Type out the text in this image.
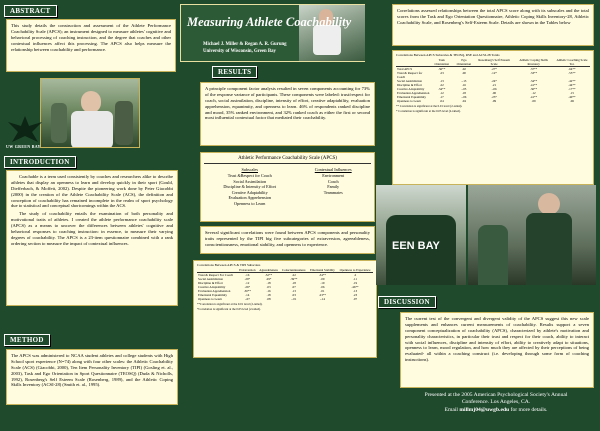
Measuring Athlete Coachability
Michael J. Miller & Regan A. R. Gurung
University of Wisconsin, Green Bay
ABSTRACT

This study details the construction and assessment of the Athlete Performance Coachability Scale (APCS); an instrument designed to measure athletes' cognitive and behavioral processing of coaching instruction, and the degree that coaches and other contextual influences affect this processing. The APCS also helps measure the relationship between coachability and performance.

UW GREEN BAY
INTRODUCTION

Coachable is a term used consistently by coaches and researchers alike to describe athletes that display an openness to learn and develop quickly in their sport (Gould, Diefferbach, & Moffett, 2002). Despite the pioneering work done by Peter Giacobbi (2000) in the creation of the Athlete Coachability Scale (ACS), the definition and conception of coachability has remained incomplete in the realm of sport psychology due to statistical and conceptual shortcomings within the ACS.

The study of coachability entails the examination of both personality and motivational traits of athletes. I created the athlete performance coachability scale (APCS) as a means to uncover the differences between athletes' cognitive and behavioral responses to coaching instruction: in essence, to measure their varying degrees of coachability. The APCS is a 23-item questionnaire combined with a rank ordering section to measure the impact of contextual influences.

METHOD

The APCS was administered to NCAA student athletes and college students with High School sport experience (N=74) along with four other scales: the Athletic Coachability Scale (ACS) (Giacobbi, 2000), Ten Item Personality Inventory (TIPI) (Gosling et. al., 2003), Task and Ego Orientation in Sport Questionnaire (TEOSQ) (Duda & Nicholls, 1992), Rosenberg's Self Esteem Scale (Rosenberg, 1989), and the Athletic Coping Skills Inventory (ACSI-28) (Smith et. al., 1995).

RESULTS

A principle component factor analysis resulted in seven components accounting for 73% of the response variance of participants. These components were labeled: trust/respect for coach, social assimilation, discipline, intensity of effort, creative adaptability, evaluation apprehension, equanimity, and openness to learn. 46% of respondents ranked discipline and mood, 35% ranked environment, and 32% ranked coach as either the first or second most influential contextual factor that mediated their coachability.

Athletic Performance Coachability Scale (APCS)
Subscales
Trust &Respect for Coach
Social Assimilation
Discipline & Intensity of Effort
Creative Adaptability
Evaluation Apprehension
Openness to Learn
Contextual Influences
Environment
Coach
Family
Teammates

Several significant correlations were found between APCS components and personality traits represented by the TIPI big five subcategories of extraversion, agreeableness, conscientiousness, emotional stability, and openness to experience.

Correlations Between APCS & TIPI Subscales
	Extraversion	Agreeableness	Conscientiousness	Emotional Stability	Openness to Experience
Trust & Respect For Coach	.16	.32**	.22	.34**	.2
Social Assimilation	.29*	.29*	.39**	.09	.11
Discipline & Effort	.12	.18	.18	.19	.19
Creative Adaptability	.26*	.03	.07	.06	.46**
Evaluation Apprehension	.30**	.16	.13	.01	.13
Emotional Equanimity	.14	.18	.03	.23**	.23
Openness to Learn	-.07	.08	-.01	-.14	.07
**Correlation is significant at the 0.01 level (2-tailed).
*Correlation is significant at the 0.05 level (2-tailed).

Correlations assessed relationships between the total APCS score along with its subscales and the total scores from the Task and Ego Orientation Questionnaire, Athletic Coping Skills Inventory-28, Athletic Coachability Scale, and Rosenberg's Self-Esteem Scale. Details are shown in the Tables below

Correlations Between APCS Subscales & TEOSQ, RSE and ACSI-28 Totals
	Task Orientation	Ego Orientation	Rosenberg's Self Esteem Scale	Athletic Coping Skills Inventory	Athletic Coaching Scale Tot.
Total APCS	.36**	.02	.27*	.37**	.64**
Trust & Respect for Coach	.23	.00	.12*	.33**	.55**
Social Assimilation	.13	-.13	.24*	.34**	.42**
Discipline & Effort	.22	.16	.21	.41**	.44**
Creative Adaptability	.34**	-.05	-.06	.30**	.17**
Evaluation Apprehension	.12	.18	.00	.12	.15
Emotional Equanimity	.17	-.06	.23*	.41**	.40**
Openness to Learn	.04	.04	.09	.09	.06
** Correlation is significant at the 0.01 level (2-tailed).
* Correlation is significant at the 0.05 level (2-tailed).
EEN BAY
DISCUSSION

The current test of the convergent and divergent validity of the APCS suggest this new scale supplements and enhances current measurements of coachability. Results support a seven component conceptualization of coachability (APCS), characterized by athlete's motivation and personality characteristics, in particular their trust and respect for their coach, ability to interact with social influences, discipline and intensity of effort, ability to creatively adapt to situations, openness to learn, mood regulation, and how much they are affected by their perceptions of being evaluated- all within a coaching construct (i.e. developing through some form of coaching instructions).

Presented at the 2005 American Psychological Society's Annual
Conference. Los Angeles, CA.
Email millmj04@uwgb.edu for more details.
